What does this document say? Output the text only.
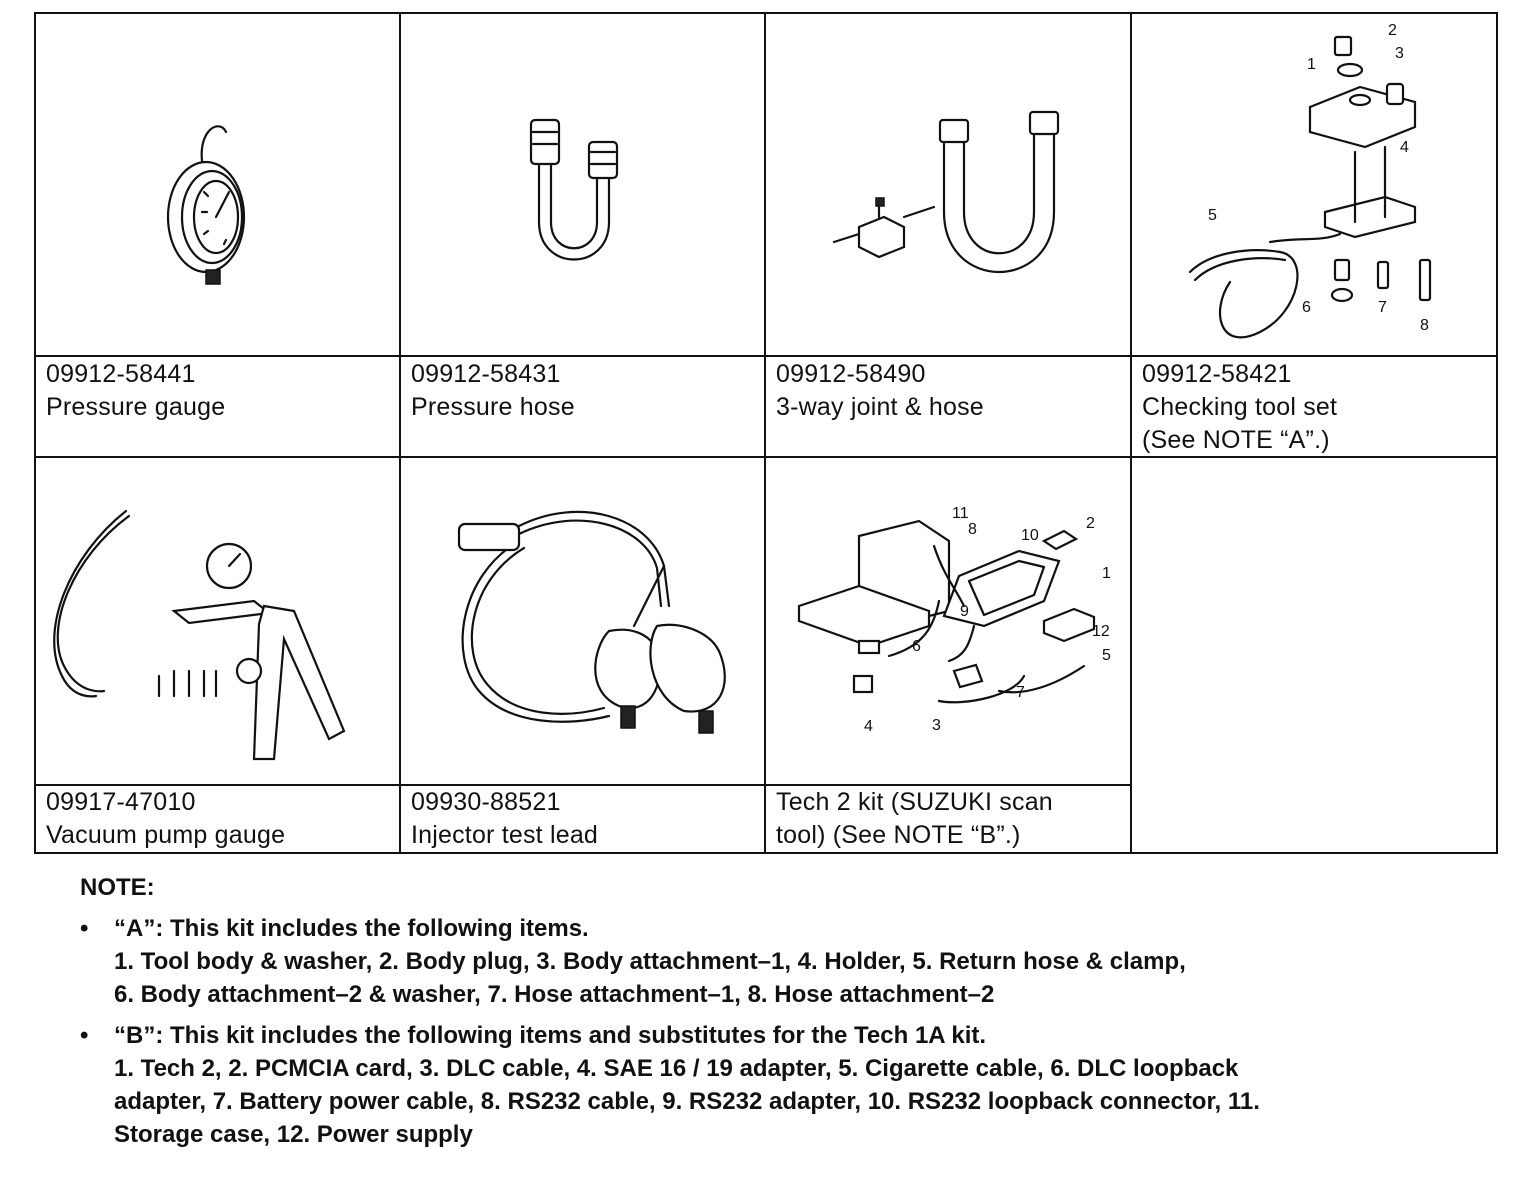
09912-58441
Pressure gauge
09912-58431
Pressure hose
09912-58490
3-way joint & hose
1
2
3
4
5
6	7
8
09912-58421
Checking tool set
(See NOTE “A”.)
09917-47010
Vacuum pump gauge
09930-88521
Injector test lead
11
8	10
2
1
12
9
6
5
7
4	3
Tech 2 kit (SUZUKI scan
tool) (See NOTE “B”.)
NOTE:
• “A”: This kit includes the following items.
1. Tool body & washer, 2. Body plug, 3. Body attachment–1, 4. Holder, 5. Return hose & clamp,
6. Body attachment–2 & washer, 7. Hose attachment–1, 8. Hose attachment–2
• “B”: This kit includes the following items and substitutes for the Tech 1A kit.
1. Tech 2, 2. PCMCIA card, 3. DLC cable, 4. SAE 16 / 19 adapter, 5. Cigarette cable, 6. DLC loopback
adapter, 7. Battery power cable, 8. RS232 cable, 9. RS232 adapter, 10. RS232 loopback connector, 11.
Storage case, 12. Power supply
